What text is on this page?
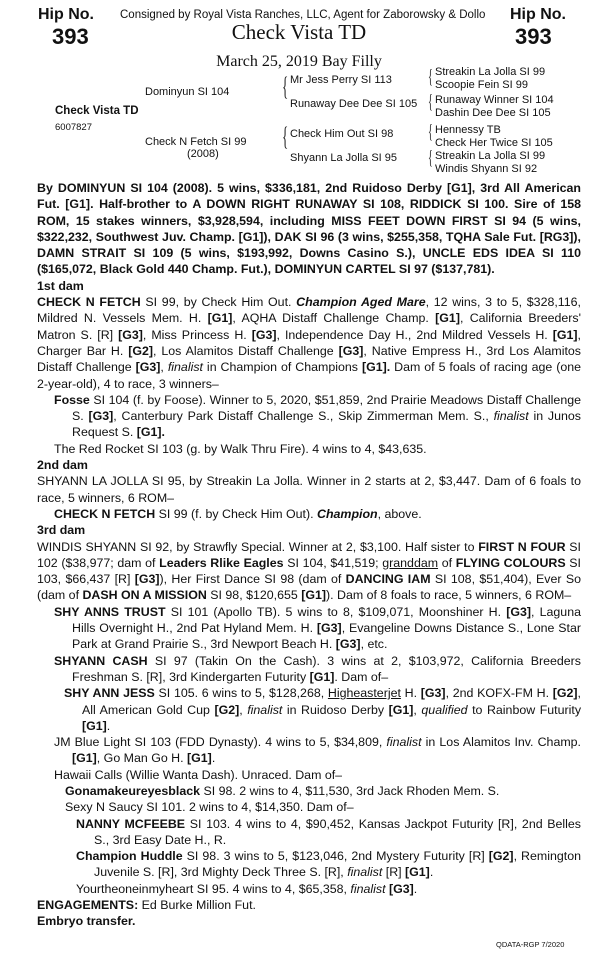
Hip No.
393
Hip No.
393
Consigned by Royal Vista Ranches, LLC, Agent for Zaborowsky & Dollo
Check Vista TD
March 25, 2019 Bay Filly
Dominyun SI 104
Check Vista TD
6007827
Check N Fetch SI 99
(2008)
{
{
Mr Jess Perry SI 113
Runaway Dee Dee SI 105
Check Him Out SI 98
Shyann La Jolla SI 95
{
{
{
{
Streakin La Jolla SI 99
Scoopie Fein SI 99
Runaway Winner SI 104
Dashin Dee Dee SI 105
Hennessy TB
Check Her Twice SI 105
Streakin La Jolla SI 99
Windis Shyann SI 92

By DOMINYUN SI 104 (2008). 5 wins, $336,181, 2nd Ruidoso Derby [G1], 3rd All American Fut. [G1]. Half-brother to A DOWN RIGHT RUNAWAY SI 108, RIDDICK SI 100. Sire of 158 ROM, 15 stakes winners, $3,928,594, including MISS FEET DOWN FIRST SI 94 (5 wins, $322,232, Southwest Juv. Champ. [G1]), DAK SI 96 (3 wins, $255,358, TQHA Sale Fut. [RG3]), DAMN STRAIT SI 109 (5 wins, $193,992, Downs Casino S.), UNCLE EDS IDEA SI 110 ($165,072, Black Gold 440 Champ. Fut.), DOMINYUN CARTEL SI 97 ($137,781).

1st dam

CHECK N FETCH SI 99, by Check Him Out. Champion Aged Mare, 12 wins, 3 to 5, $328,116, Mildred N. Vessels Mem. H. [G1], AQHA Distaff Challenge Champ. [G1], California Breeders' Matron S. [R] [G3], Miss Princess H. [G3], Independence Day H., 2nd Mildred Vessels H. [G1], Charger Bar H. [G2], Los Alamitos Distaff Challenge [G3], Native Empress H., 3rd Los Alamitos Distaff Challenge [G3], finalist in Champion of Champions [G1]. Dam of 5 foals of racing age (one 2-year-old), 4 to race, 3 winners–

Fosse SI 104 (f. by Foose). Winner to 5, 2020, $51,859, 2nd Prairie Meadows Distaff Challenge S. [G3], Canterbury Park Distaff Challenge S., Skip Zimmerman Mem. S., finalist in Junos Request S. [G1].

The Red Rocket SI 103 (g. by Walk Thru Fire). 4 wins to 4, $43,635.

2nd dam

SHYANN LA JOLLA SI 95, by Streakin La Jolla. Winner in 2 starts at 2, $3,447. Dam of 6 foals to race, 5 winners, 6 ROM–

CHECK N FETCH SI 99 (f. by Check Him Out). Champion, above.

3rd dam

WINDIS SHYANN SI 92, by Strawfly Special. Winner at 2, $3,100. Half sister to FIRST N FOUR SI 102 ($38,977; dam of Leaders Rlike Eagles SI 104, $41,519; granddam of FLYING COLOURS SI 103, $66,437 [R] [G3]), Her First Dance SI 98 (dam of DANCING IAM SI 108, $51,404), Ever So (dam of DASH ON A MISSION SI 98, $120,655 [G1]). Dam of 8 foals to race, 5 winners, 6 ROM–

SHY ANNS TRUST SI 101 (Apollo TB). 5 wins to 8, $109,071, Moonshiner H. [G3], Laguna Hills Overnight H., 2nd Pat Hyland Mem. H. [G3], Evangeline Downs Distance S., Lone Star Park at Grand Prairie S., 3rd Newport Beach H. [G3], etc.

SHYANN CASH SI 97 (Takin On the Cash). 3 wins at 2, $103,972, California Breeders Freshman S. [R], 3rd Kindergarten Futurity [G1]. Dam of–

SHY ANN JESS SI 105. 6 wins to 5, $128,268, Higheasterjet H. [G3], 2nd KOFX-FM H. [G2], All American Gold Cup [G2], finalist in Ruidoso Derby [G1], qualified to Rainbow Futurity [G1].

JM Blue Light SI 103 (FDD Dynasty). 4 wins to 5, $34,809, finalist in Los Alamitos Inv. Champ. [G1], Go Man Go H. [G1].

Hawaii Calls (Willie Wanta Dash). Unraced. Dam of–

Gonamakeureyesblack SI 98. 2 wins to 4, $11,530, 3rd Jack Rhoden Mem. S.

Sexy N Saucy SI 101. 2 wins to 4, $14,350. Dam of–

NANNY MCFEEBE SI 103. 4 wins to 4, $90,452, Kansas Jackpot Futurity [R], 2nd Belles S., 3rd Easy Date H., R.

Champion Huddle SI 98. 3 wins to 5, $123,046, 2nd Mystery Futurity [R] [G2], Remington Juvenile S. [R], 3rd Mighty Deck Three S. [R], finalist [R] [G1].

Yourtheoneinmyheart SI 95. 4 wins to 4, $65,358, finalist [G3].

ENGAGEMENTS: Ed Burke Million Fut.

Embryo transfer.

QDATA-RGP 7/2020
